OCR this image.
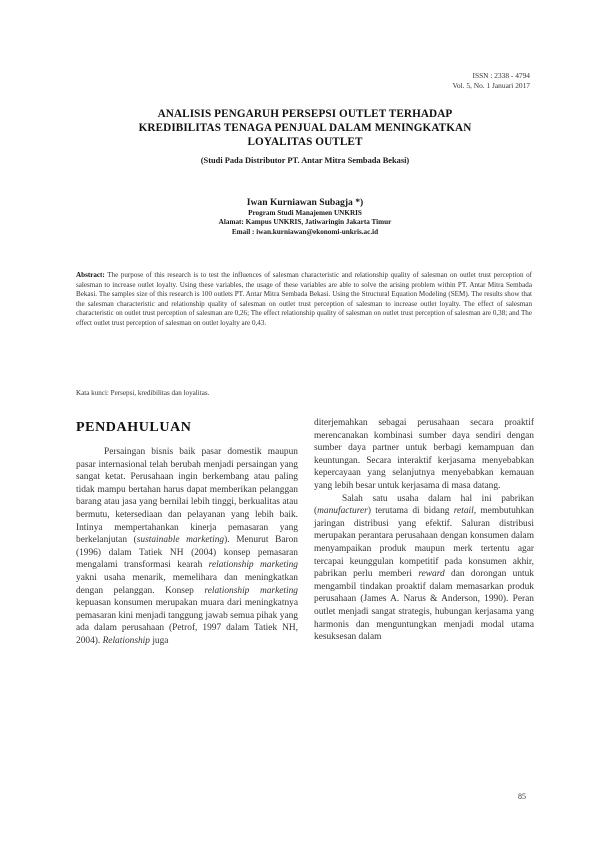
ISSN : 2338 - 4794
Vol. 5, No. 1 Januari 2017
ANALISIS PENGARUH PERSEPSI OUTLET TERHADAP
KREDIBILITAS TENAGA PENJUAL DALAM MENINGKATKAN
LOYALITAS OUTLET
(Studi Pada Distributor PT. Antar Mitra Sembada Bekasi)
Iwan Kurniawan Subagja *)
Program Studi Manajemen UNKRIS
Alamat: Kampus UNKRIS, Jatiwaringin Jakarta Timur
Email : iwan.kurniawan@ekonomi-unkris.ac.id
Abstract: The purpose of this research is to test the influences of salesman characteristic and relationship quality of salesman on outlet trust perception of salesman to increase outlet loyalty. Using these variables, the usage of these variables are able to solve the arising problem within PT. Antar Mitra Sembada Bekasi. The samples size of this research is 100 outlets PT. Antar Mitra Sembada Bekasi. Using the Structural Equation Modeling (SEM). The results show that the salesman characteristic and relationship quality of salesman on outlet trust perception of salesman to increase outlet loyalty. The effect of salesman characteristic on outlet trust perception of salesman are 0,26; The effect relationship quality of salesman on outlet trust perception of salesman are 0,38; and The effect outlet trust perception of salesman on outlet loyalty are 0,43.
Kata kunci: Persepsi, kredibilitas dan loyalitas.
PENDAHULUAN

Persaingan bisnis baik pasar domestik maupun pasar internasional telah berubah menjadi persaingan yang sangat ketat. Perusahaan ingin berkembang atau paling tidak mampu bertahan harus dapat memberikan pelanggan barang atau jasa yang bernilai lebih tinggi, berkualitas atau bermutu, ketersediaan dan pelayanan yang lebih baik. Intinya mempertahankan kinerja pemasaran yang berkelanjutan (sustainable marketing). Menurut Baron (1996) dalam Tatiek NH (2004) konsep pemasaran mengalami transformasi kearah relationship marketing yakni usaha menarik, memelihara dan meningkatkan dengan pelanggan. Konsep relationship marketing kepuasan konsumen merupakan muara dari meningkatnya pemasaran kini menjadi tanggung jawab semua pihak yang ada dalam perusahaan (Petrof, 1997 dalam Tatiek NH, 2004). Relationship juga

diterjemahkan sebagai perusahaan secara proaktif merencanakan kombinasi sumber daya sendiri dengan sumber daya partner untuk berbagi kemampuan dan keuntungan. Secara interaktif kerjasama menyebabkan kepercayaan yang selanjutnya menyebabkan kemauan yang lebih besar untuk kerjasama di masa datang.

Salah satu usaha dalam hal ini pabrikan (manufacturer) terutama di bidang retail, membutuhkan jaringan distribusi yang efektif. Saluran distribusi merupakan perantara perusahaan dengan konsumen dalam menyampaikan produk maupun merk tertentu agar tercapai keunggulan kompetitif pada konsumen akhir, pabrikan perlu memberi reward dan dorongan untuk mengambil tindakan proaktif dalam memasarkan produk perusahaan (James A. Narus & Anderson, 1990). Peran outlet menjadi sangat strategis, hubungan kerjasama yang harmonis dan menguntungkan menjadi modal utama kesuksesan dalam

85
